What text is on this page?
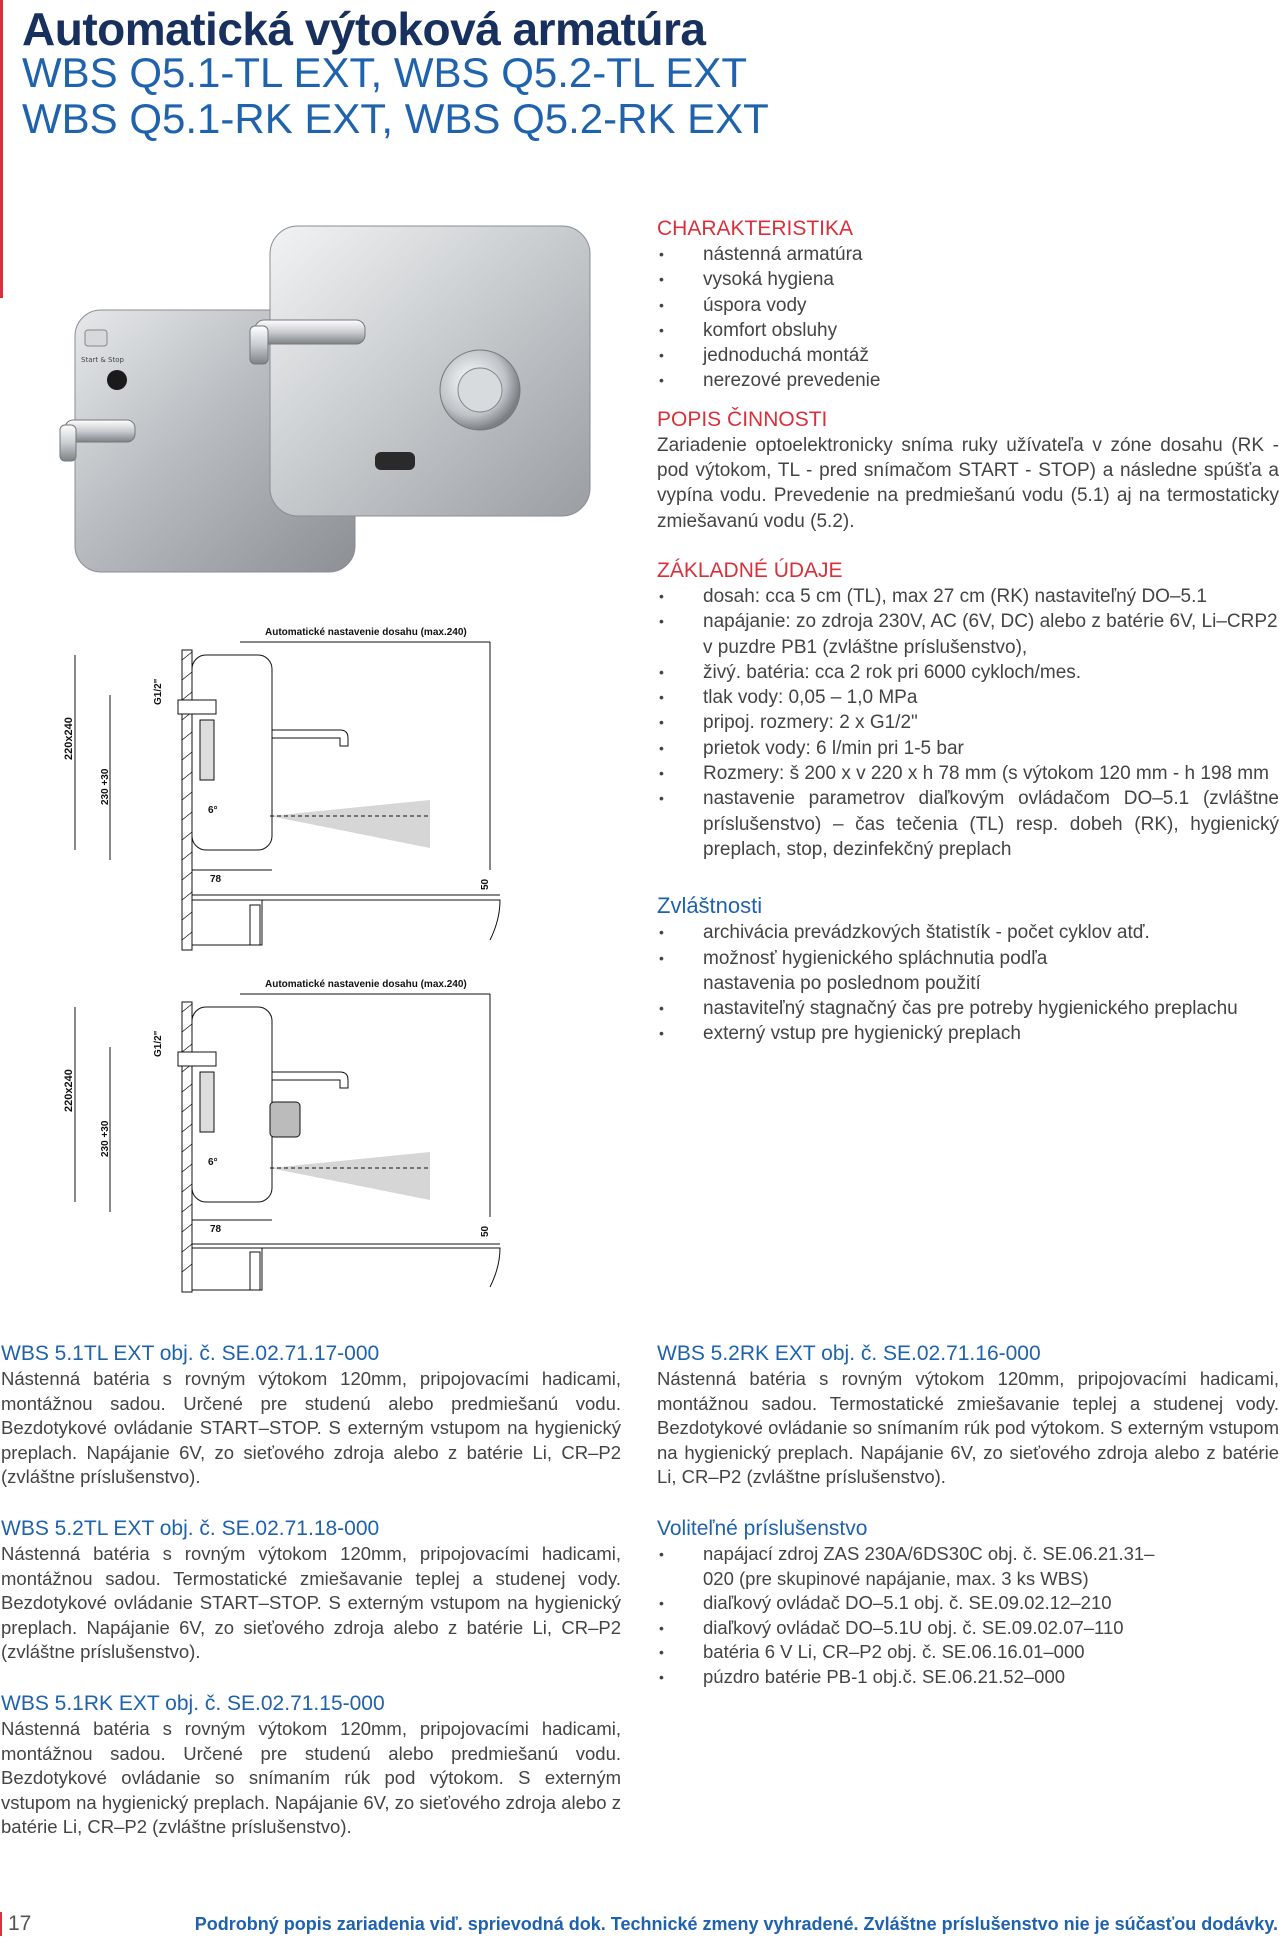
Automatická výtoková armatúra
WBS Q5.1-TL EXT, WBS Q5.2-TL EXT
WBS Q5.1-RK EXT, WBS Q5.2-RK EXT
Start & Stop
Automatické nastavenie dosahu (max.240)
220x240
230 +30
G1/2"
6°
78	50
Automatické nastavenie dosahu (max.240)
220x240
230 +30
G1/2"
6°
78	50
CHARAKTERISTIKA
• nástenná armatúra
• vysoká hygiena
• úspora vody
• komfort obsluhy
• jednoduchá montáž
• nerezové prevedenie
POPIS ČINNOSTI

Zariadenie optoelektronicky sníma ruky užívateľa v zóne dosahu (RK - pod výtokom, TL - pred snímačom START - STOP) a následne spúšťa a vypína vodu. Prevedenie na predmiešanú vodu (5.1) aj na termostaticky zmiešavanú vodu (5.2).

ZÁKLADNÉ ÚDAJE
• dosah: cca 5 cm (TL), max 27 cm (RK) nastaviteľný DO–5.1
• napájanie: zo zdroja 230V, AC (6V, DC) alebo z batérie 6V, Li–CRP2 v puzdre PB1 (zvláštne príslušenstvo),
• živý. batéria: cca 2 rok pri 6000 cykloch/mes.
• tlak vody: 0,05 – 1,0 MPa
• pripoj. rozmery: 2 x G1/2"
• prietok vody: 6 l/min pri 1-5 bar
• Rozmery: š 200 x v 220 x h 78 mm (s výtokom 120 mm - h 198 mm
• nastavenie parametrov diaľkovým ovládačom DO–5.1 (zvláštne príslušenstvo) – čas tečenia (TL) resp. dobeh (RK), hygienický preplach, stop, dezinfekčný preplach
Zvláštnosti
• archivácia prevádzkových štatistík - počet cyklov atď.
• možnosť hygienického spláchnutia podľa nastavenia po poslednom použití
• nastaviteľný stagnačný čas pre potreby hygienického preplachu
• externý vstup pre hygienický preplach
WBS 5.1TL EXT obj. č. SE.02.71.17-000

Nástenná batéria s rovným výtokom 120mm, pripojovacími hadicami, montážnou sadou. Určené pre studenú alebo predmiešanú vodu. Bezdotykové ovládanie START–STOP. S externým vstupom na hygienický preplach. Napájanie 6V, zo sieťového zdroja alebo z batérie Li, CR–P2 (zvláštne príslušenstvo).

WBS 5.2TL EXT obj. č. SE.02.71.18-000

Nástenná batéria s rovným výtokom 120mm, pripojovacími hadicami, montážnou sadou. Termostatické zmiešavanie teplej a studenej vody. Bezdotykové ovládanie START–STOP. S externým vstupom na hygienický preplach. Napájanie 6V, zo sieťového zdroja alebo z batérie Li, CR–P2 (zvláštne príslušenstvo).

WBS 5.1RK EXT obj. č. SE.02.71.15-000

Nástenná batéria s rovným výtokom 120mm, pripojovacími hadicami, montážnou sadou. Určené pre studenú alebo predmiešanú vodu. Bezdotykové ovládanie so snímaním rúk pod výtokom. S externým vstupom na hygienický preplach. Napájanie 6V, zo sieťového zdroja alebo z batérie Li, CR–P2 (zvláštne príslušenstvo).

WBS 5.2RK EXT obj. č. SE.02.71.16-000

Nástenná batéria s rovným výtokom 120mm, pripojovacími hadicami, montážnou sadou. Termostatické zmiešavanie teplej a studenej vody. Bezdotykové ovládanie so snímaním rúk pod výtokom. S externým vstupom na hygienický preplach. Napájanie 6V, zo sieťového zdroja alebo z batérie Li, CR–P2 (zvláštne príslušenstvo).

Voliteľné príslušenstvo
• napájací zdroj ZAS 230A/6DS30C obj. č. SE.06.21.31–020 (pre skupinové napájanie, max. 3 ks WBS)
• diaľkový ovládač DO–5.1 obj. č. SE.09.02.12–210
• diaľkový ovládač DO–5.1U obj. č. SE.09.02.07–110
• batéria 6 V Li, CR–P2 obj. č. SE.06.16.01–000
• púzdro batérie PB-1 obj.č. SE.06.21.52–000
17	Podrobný popis zariadenia viď. sprievodná dok. Technické zmeny vyhradené. Zvláštne príslušenstvo nie je súčasťou dodávky.
